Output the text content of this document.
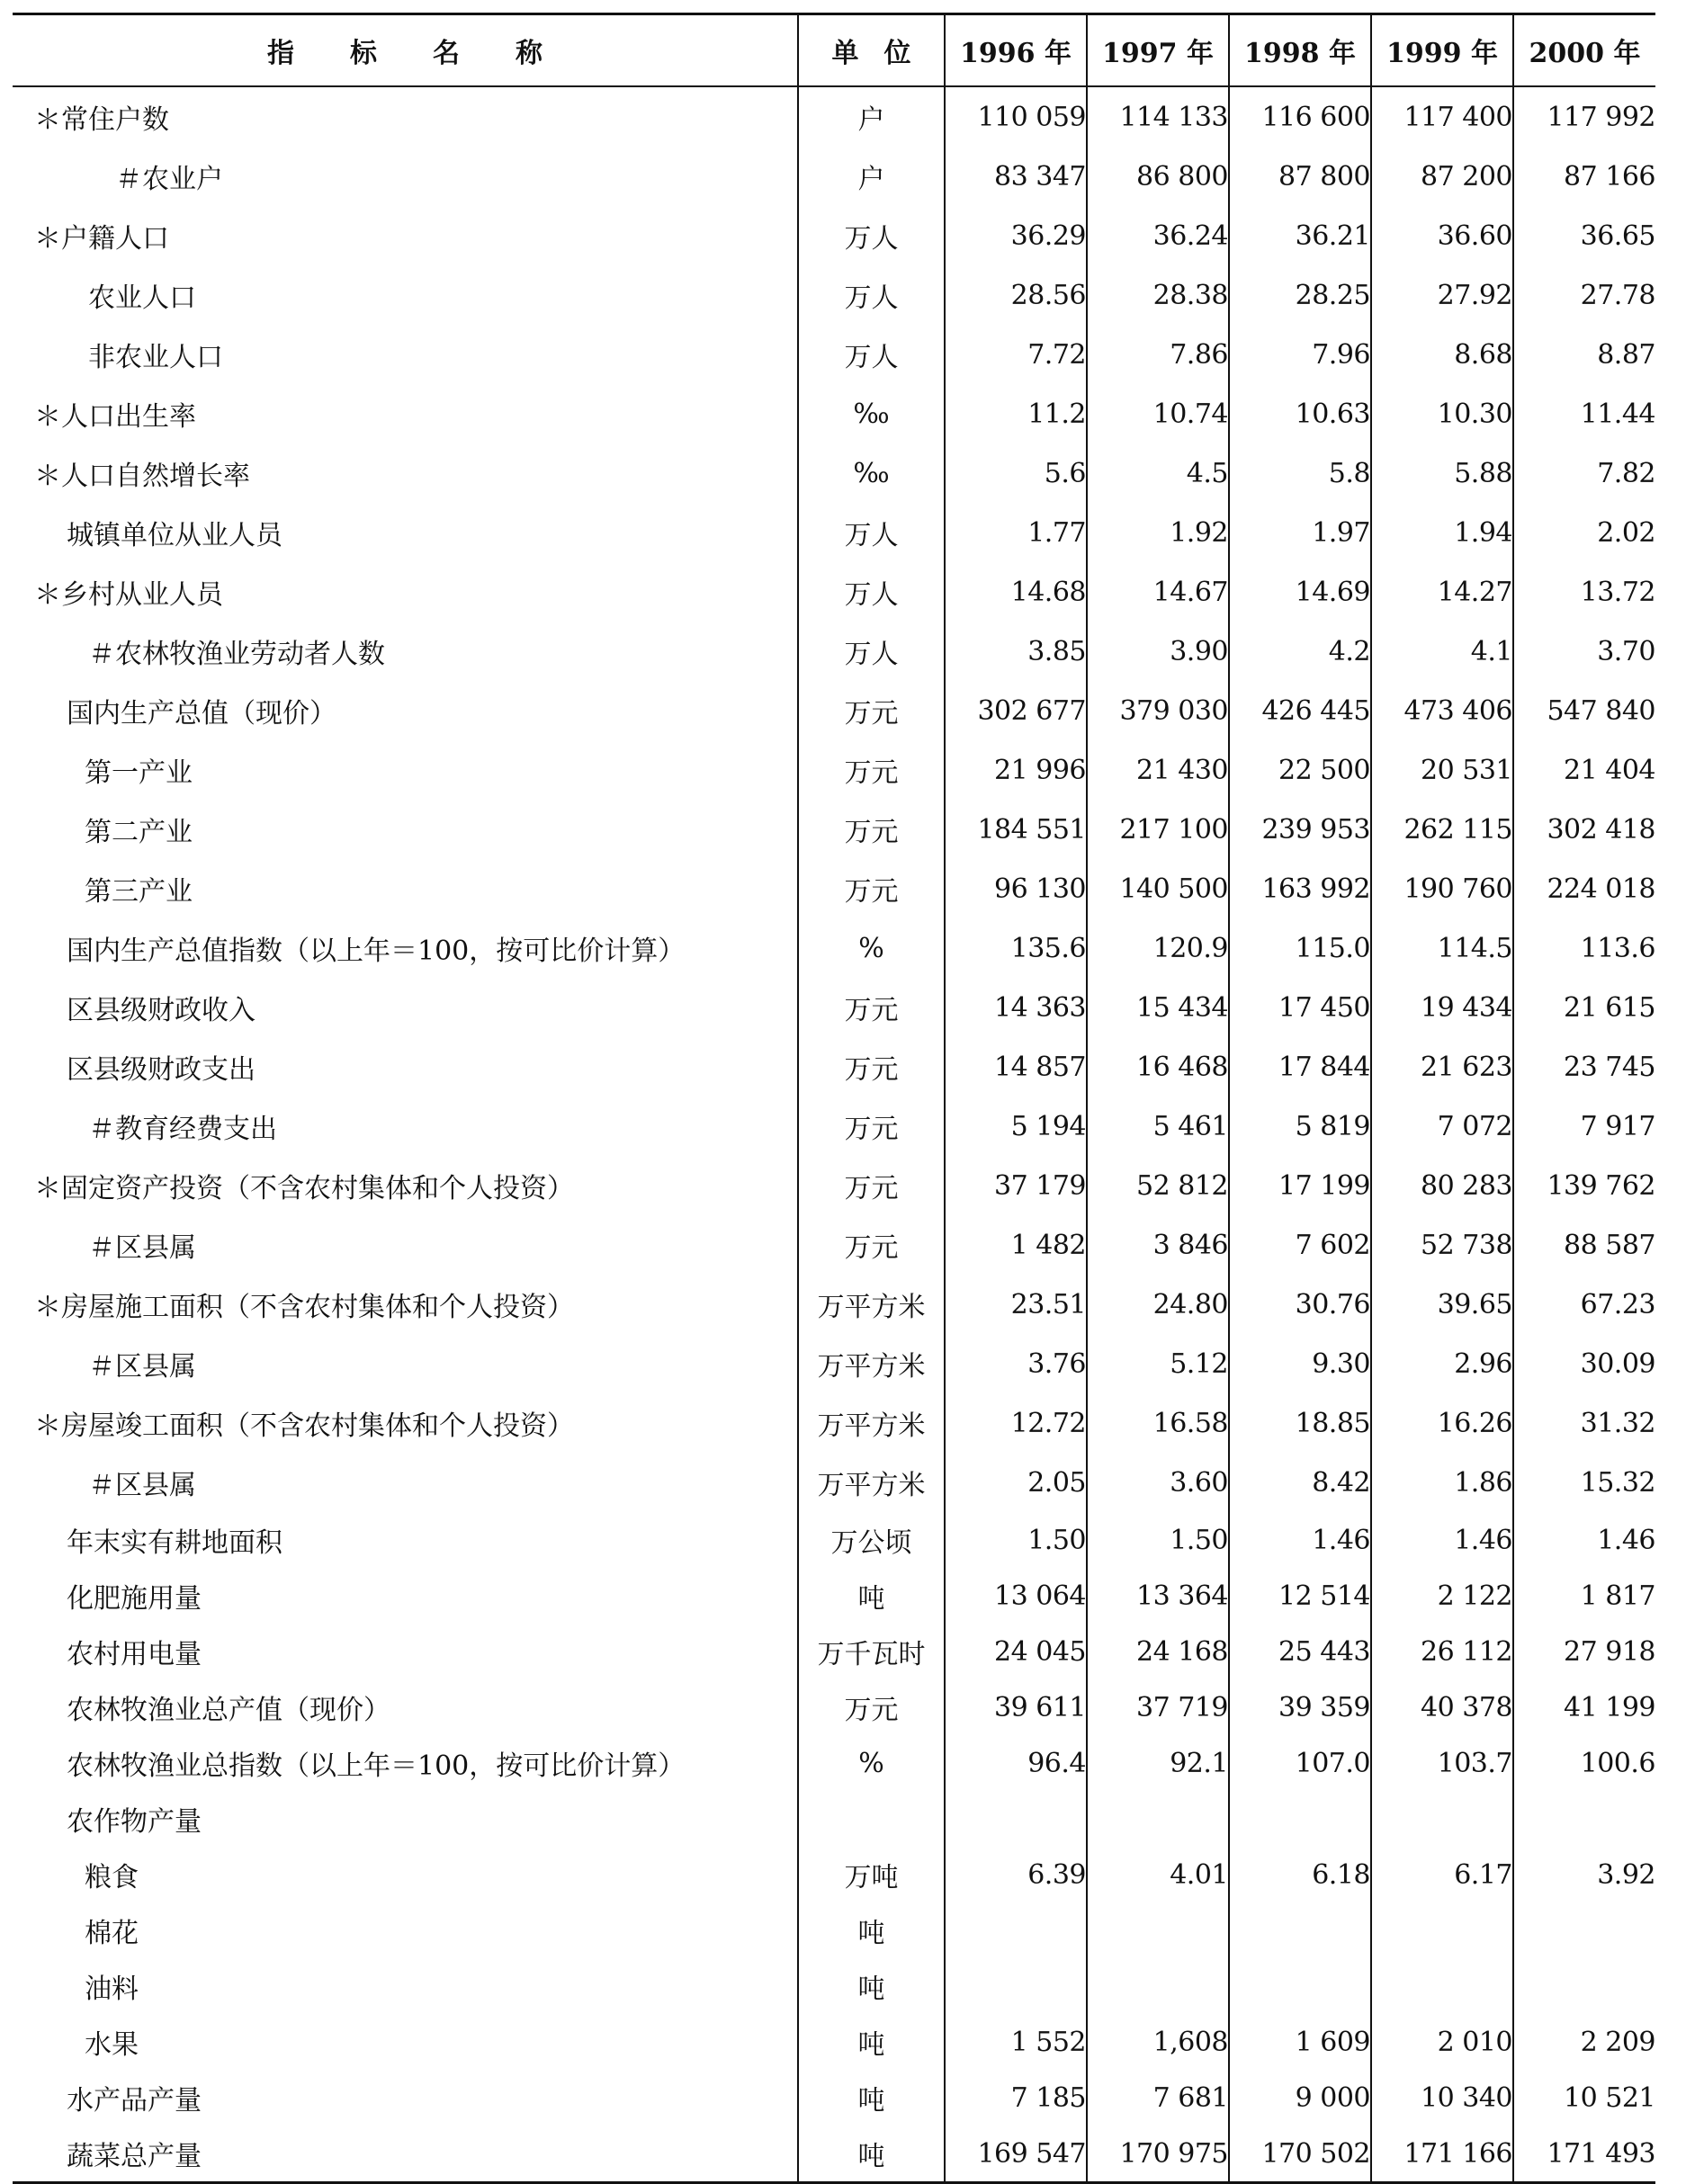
指标名称	单位	1996 年	1997 年	1998 年	1999 年	2000 年
＊常住户数	户	110 059	114 133	116 600	117 400	117 992
＃农业户	户	83 347	86 800	87 800	87 200	87 166
＊户籍人口	万人	36.29	36.24	36.21	36.60	36.65
农业人口	万人	28.56	28.38	28.25	27.92	27.78
非农业人口	万人	7.72	7.86	7.96	8.68	8.87
＊人口出生率	‰	11.2	10.74	10.63	10.30	11.44
＊人口自然增长率	‰	5.6	4.5	5.8	5.88	7.82
城镇单位从业人员	万人	1.77	1.92	1.97	1.94	2.02
＊乡村从业人员	万人	14.68	14.67	14.69	14.27	13.72
＃农林牧渔业劳动者人数	万人	3.85	3.90	4.2	4.1	3.70
国内生产总值（现价）	万元	302 677	379 030	426 445	473 406	547 840
第一产业	万元	21 996	21 430	22 500	20 531	21 404
第二产业	万元	184 551	217 100	239 953	262 115	302 418
第三产业	万元	96 130	140 500	163 992	190 760	224 018
国内生产总值指数（以上年＝100，按可比价计算）	%	135.6	120.9	115.0	114.5	113.6
区县级财政收入	万元	14 363	15 434	17 450	19 434	21 615
区县级财政支出	万元	14 857	16 468	17 844	21 623	23 745
＃教育经费支出	万元	5 194	5 461	5 819	7 072	7 917
＊固定资产投资（不含农村集体和个人投资）	万元	37 179	52 812	17 199	80 283	139 762
＃区县属	万元	1 482	3 846	7 602	52 738	88 587
＊房屋施工面积（不含农村集体和个人投资）	万平方米	23.51	24.80	30.76	39.65	67.23
＃区县属	万平方米	3.76	5.12	9.30	2.96	30.09
＊房屋竣工面积（不含农村集体和个人投资）	万平方米	12.72	16.58	18.85	16.26	31.32
＃区县属	万平方米	2.05	3.60	8.42	1.86	15.32
年末实有耕地面积	万公顷	1.50	1.50	1.46	1.46	1.46
化肥施用量	吨	13 064	13 364	12 514	2 122	1 817
农村用电量	万千瓦时	24 045	24 168	25 443	26 112	27 918
农林牧渔业总产值（现价）	万元	39 611	37 719	39 359	40 378	41 199
农林牧渔业总指数（以上年＝100，按可比价计算）	%	96.4	92.1	107.0	103.7	100.6
农作物产量						
粮食	万吨	6.39	4.01	6.18	6.17	3.92
棉花	吨					
油料	吨					
水果	吨	1 552	1,608	1 609	2 010	2 209
水产品产量	吨	7 185	7 681	9 000	10 340	10 521
蔬菜总产量	吨	169 547	170 975	170 502	171 166	171 493
